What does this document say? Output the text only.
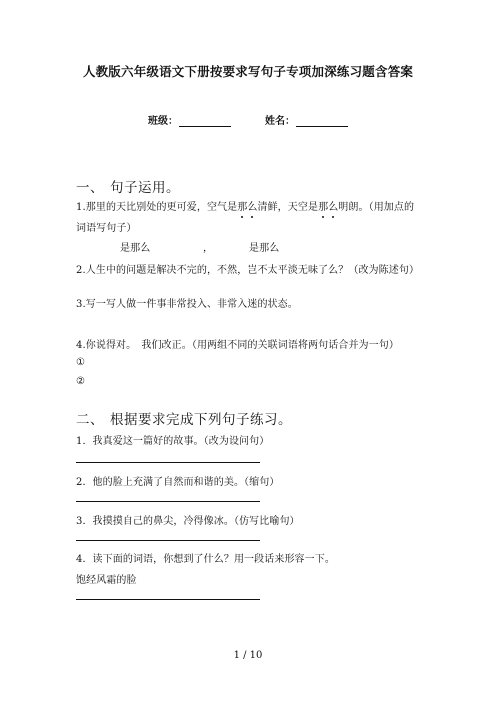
人教版六年级语文下册按要求写句子专项加深练习题含答案
班级：	姓名：
一、 句子运用。
1.那里的天比别处的更可爱，空气是那么清鲜，天空是那么明朗。（用加点的
词语写句子）
是那么	，	是那么
2.人生中的问题是解决不完的，不然，岂不太平淡无味了么？（改为陈述句）
3.写一写人做一件事非常投入、非常入迷的状态。
4.你说得对。　我们改正。（用两组不同的关联词语将两句话合并为一句）
①
②
二、 根据要求完成下列句子练习。
1．我真爱这一篇好的故事。（改为设问句）
2．他的脸上充满了自然而和谐的美。（缩句）
3．我摸摸自己的鼻尖，冷得像冰。（仿写比喻句）
4．读下面的词语，你想到了什么？用一段话来形容一下。
饱经风霜的脸
1 / 10
